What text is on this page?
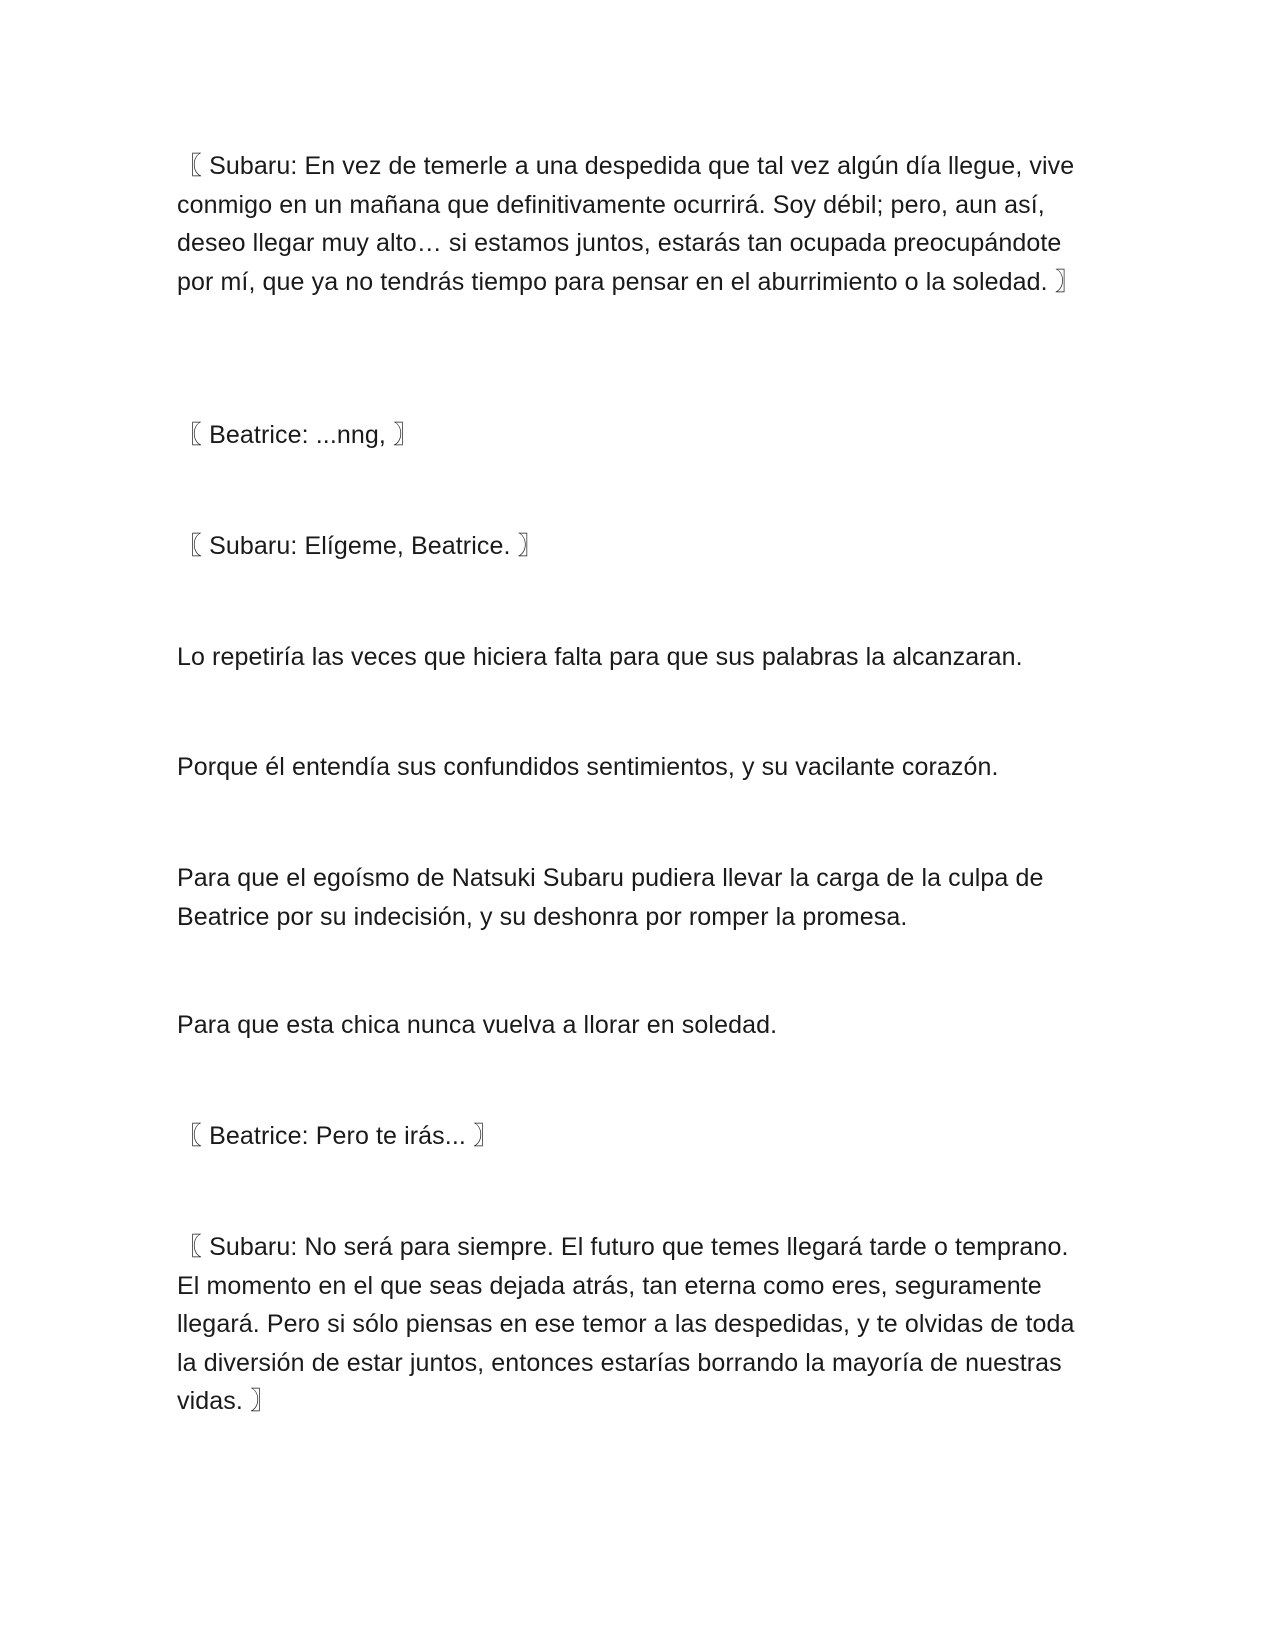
〖 Subaru: En vez de temerle a una despedida que tal vez algún día llegue, vive conmigo en un mañana que definitivamente ocurrirá. Soy débil; pero, aun así, deseo llegar muy alto… si estamos juntos, estarás tan ocupada preocupándote por mí, que ya no tendrás tiempo para pensar en el aburrimiento o la soledad. 〗

〖 Beatrice: ...nng, 〗

〖 Subaru: Elígeme, Beatrice. 〗

Lo repetiría las veces que hiciera falta para que sus palabras la alcanzaran.

Porque él entendía sus confundidos sentimientos, y su vacilante corazón.

Para que el egoísmo de Natsuki Subaru pudiera llevar la carga de la culpa de Beatrice por su indecisión, y su deshonra por romper la promesa.

Para que esta chica nunca vuelva a llorar en soledad.

〖 Beatrice: Pero te irás... 〗

〖 Subaru: No será para siempre. El futuro que temes llegará tarde o temprano. El momento en el que seas dejada atrás, tan eterna como eres, seguramente llegará. Pero si sólo piensas en ese temor a las despedidas, y te olvidas de toda la diversión de estar juntos, entonces estarías borrando la mayoría de nuestras vidas. 〗
